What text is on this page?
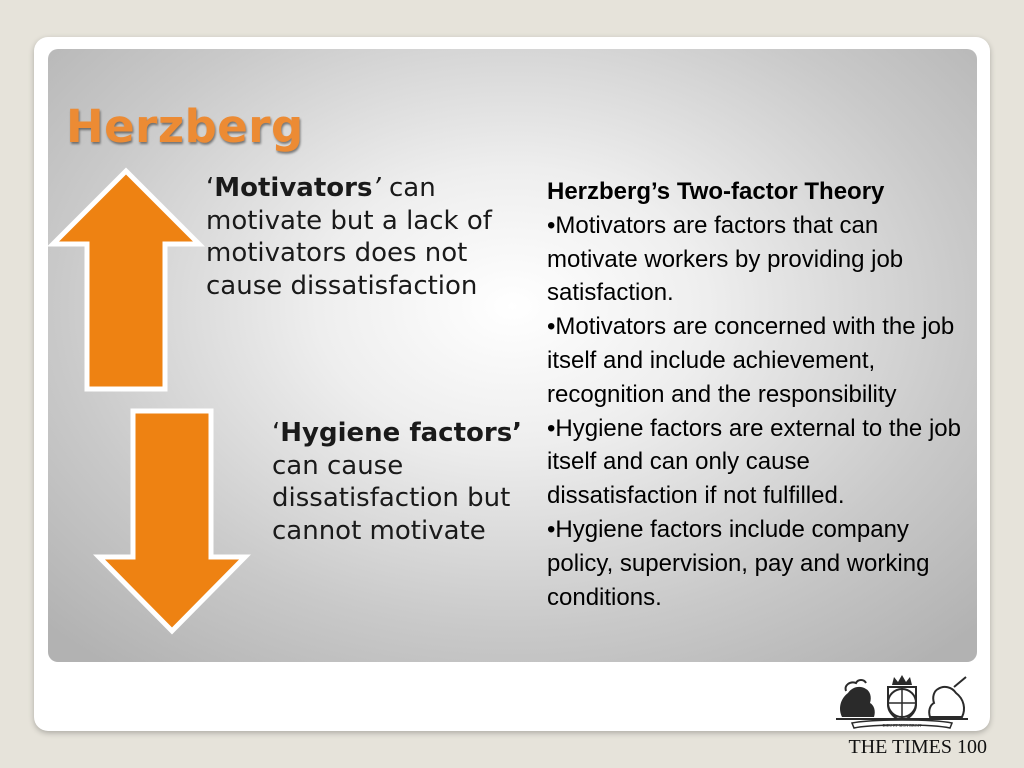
Herzberg
‘Motivators’ can motivate but a lack of motivators does not cause dissatisfaction
‘Hygiene factors’ can cause dissatisfaction but cannot motivate
Herzberg’s Two-factor Theory
•Motivators are factors that can motivate workers by providing job satisfaction.
•Motivators are concerned with the job itself and include achievement, recognition and the responsibility
•Hygiene factors are external to the job itself and can only cause dissatisfaction if not fulfilled.
•Hygiene factors include company policy, supervision, pay and working conditions.
DIEU ET MON DROIT
THE TIMES 100
